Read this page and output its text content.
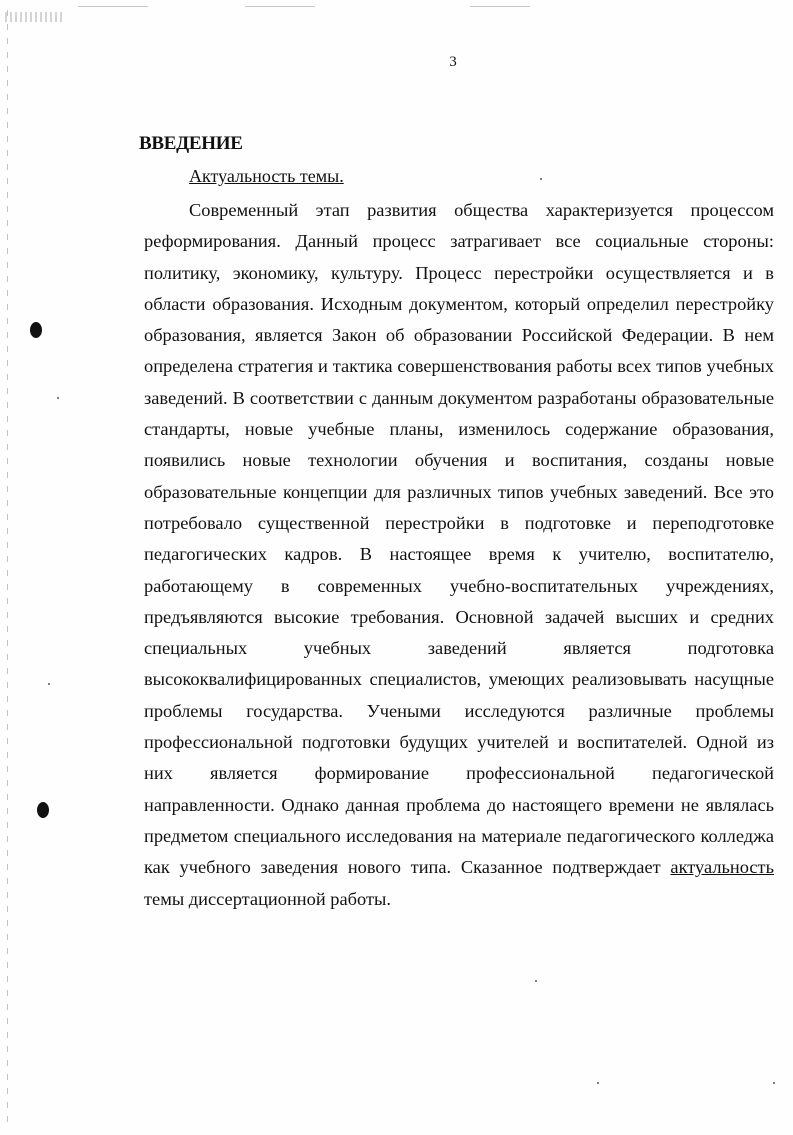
3
ВВЕДЕНИЕ
Актуальность темы.
Современный этап развития общества характеризуется процессом реформирования. Данный процесс затрагивает все социальные стороны: политику, экономику, культуру. Процесс перестройки осуществляется и в области образования. Исходным документом, который определил перестройку образования, является Закон об образовании Российской Федерации. В нем определена стратегия и тактика совершенствования работы всех типов учебных заведений. В соответствии с данным документом разработаны образовательные стандарты, новые учебные планы, изменилось содержание образования, появились новые технологии обучения и воспитания, созданы новые образовательные концепции для различных типов учебных заведений. Все это потребовало существенной перестройки в подготовке и переподготовке педагогических кадров. В настоящее время к учителю, воспитателю, работающему в современных учебно-воспитательных учреждениях, предъявляются высокие требования. Основной задачей высших и средних специальных учебных заведений является подготовка высококвалифицированных специалистов, умеющих реализовывать насущные проблемы государства. Учеными исследуются различные проблемы профессиональной подготовки будущих учителей и воспитателей. Одной из них является формирование профессиональной педагогической направленности. Однако данная проблема до настоящего времени не являлась предметом специального исследования на материале педагогического колледжа как учебного заведения нового типа. Сказанное подтверждает актуальность темы диссертационной работы.
